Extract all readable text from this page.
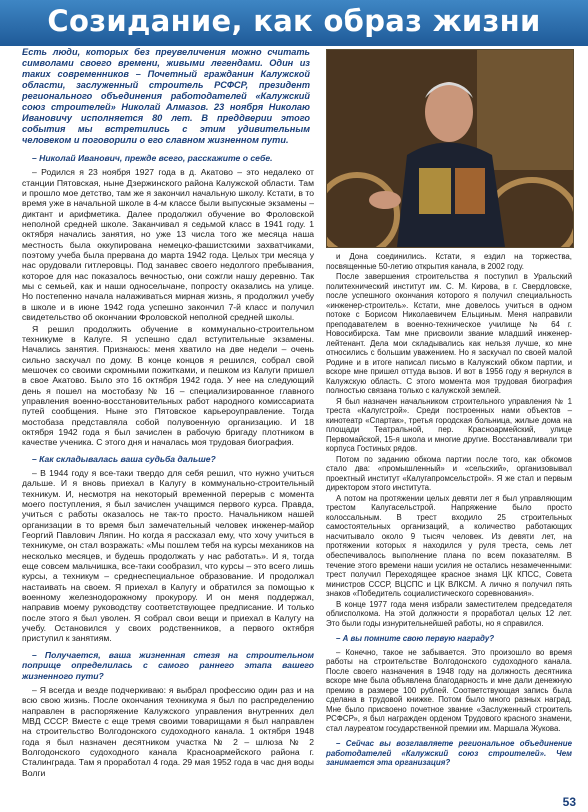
Созидание, как образ жизни

Есть люди, которых без преувеличения можно считать символами своего времени, живыми легендами. Один из таких современников – Почетный гражданин Калужской области, заслуженный строитель РСФСР, президент регионального объединения работодателей «Калужский союз строителей» Николай Алмазов. 23 ноября Николаю Ивановичу исполняется 80 лет. В преддверии этого события мы встретились с этим удивительным человеком и поговорили о его славном жизненном пути.

– Николай Иванович, прежде всего, расскажите о себе.

– Родился я 23 ноября 1927 года в д. Акатово – это недалеко от станции Пятовская, ныне Дзержинского района Калужской области. Там и прошло мое детство, там же я закончил начальную школу. Кстати, в то время уже в начальной школе в 4-м классе были выпускные экзамены – диктант и арифметика. Далее продолжил обучение во Фроловской неполной средней школе. Заканчивал я седьмой класс в 1941 году. 1 октября начались занятия, но уже 13 числа того же месяца наша местность была оккупирована немецко-фашистскими захватчиками, поэтому учеба была прервана до марта 1942 года. Целых три месяца у нас орудовали гитлеровцы. Под занавес своего недолгого пребывания, которое для нас показалось вечностью, они сожгли нашу деревню. Так мы с семьей, как и наши односельчане, попросту оказались на улице. Но постепенно начала налаживаться мирная жизнь, я продолжил учебу в школе и в июне 1942 года успешно закончил 7-й класс и получил свидетельство об окончании Фроловской неполной средней школы.

Я решил продолжить обучение в коммунально-строительном техникуме в Калуге. Я успешно сдал вступительные экзамены. Начались занятия. Признаюсь: меня хватило на две недели – очень сильно заскучал по дому. В конце концов я решился, собрал свой мешочек со своими скромными пожитками, и пешком из Калуги пришел в свое Акатово. Было это 16 октября 1942 года. У нее на следующий день я пошел на мостобазу № 16 – специализированное главного управления военно-восстановительных работ народного комиссариата путей сообщения. Ныне это Пятовское карьероуправление. Тогда мостобаза представляла собой полувоенную организацию. И 18 октября 1942 года я был зачислен в рабочую бригаду плотником в качестве ученика. С этого дня и началась моя трудовая биография.

– Как складывалась ваша судьба дальше?

– В 1944 году я все-таки твердо для себя решил, что нужно учиться дальше. И я вновь приехал в Калугу в коммунально-строительный техникум. И, несмотря на некоторый временной перерыв с момента моего поступления, я был зачислен учащимся первого курса. Правда, учиться с работы оказалось не так-то просто. Начальником нашей организации в то время был замечательный человек инженер-майор Георгий Павлович Ляпин. Но когда я рассказал ему, что хочу учиться в техникуме, он стал возражать: «Мы пошлем тебя на курсы механиков на несколько месяцев, и будешь продолжать у нас работать». И я, тогда еще совсем мальчишка, все-таки сообразил, что курсы – это всего лишь курсы, а техникум – среднеспециальное образование. И продолжал настаивать на своем. Я приехал в Калугу и обратился за помощью к военному железнодорожному прокурору. И он меня поддержал, направив моему руководству соответствующее предписание. И только после этого я был уволен. Я собрал свои вещи и приехал в Калугу на учебу. Остановился у своих родственников, а первого октября приступил к занятиям.

– Получается, ваша жизненная стезя на строительном поприще определилась с самого раннего этапа вашего жизненного пути?

– Я всегда и везде подчеркиваю: я выбрал профессию один раз и на всю свою жизнь. После окончания техникума я был по распределению направлен в распоряжение Калужского управления внутренних дел МВД СССР. Вместе с еще тремя своими товарищами я был направлен на строительство Волгодонского судоходного канала. 1 октября 1948 года я был назначен десятником участка № 2 – шлюза № 2 Волгодонского судоходного канала Красноармейского района г. Сталинграда. Там я проработал 4 года. 29 мая 1952 года в час дня воды Волги

и Дона соединились. Кстати, я ездил на торжества, посвященные 50-летию открытия канала, в 2002 году.

После завершения строительства я поступил в Уральский политехнический институт им. С. М. Кирова, в г. Свердловске, после успешного окончания которого я получил специальность «инженер-строитель». Кстати, мне довелось учиться в одном потоке с Борисом Николаевичем Ельциным. Меня направили преподавателем в военно-техническое училище № 64 г. Новосибирска. Там мне присвоили звание младший инженер-лейтенант. Дела мои складывались как нельзя лучше, ко мне относились с большим уважением. Но я заскучал по своей малой Родине и в итоге написал письмо в Калужский обком партии, и вскоре мне пришел оттуда вызов. И вот в 1956 году я вернулся в Калужскую область. С этого момента моя трудовая биография полностью связана только с калужской землей.

Я был назначен начальником строительного управления № 1 треста «Калугстрой». Среди построенных нами объектов – кинотеатр «Спартак», третья городская больница, жилые дома на площади Театральной, пер. Красноармейский, улице Первомайской, 15-я школа и многие другие. Восстанавливали три корпуса Гостиных рядов.

Потом по заданию обкома партии после того, как обкомов стало два: «промышленный» и «сельский», организовывал проектный институт «Калугапромсельстрой». Я же стал и первым директором этого института.

А потом на протяжении целых девяти лет я был управляющим трестом Калугасельстрой. Напряжение было просто колоссальным. В трест входило 25 строительных самостоятельных организаций, а количество работающих насчитывало около 9 тысяч человек. Из девяти лет, на протяжении которых я находился у руля треста, семь лет обеспечивалось выполнение плана по всем показателям. В течение этого времени наши усилия не остались незамеченными: трест получил Переходящее красное знамя ЦК КПСС, Совета министров СССР, ВЦСПС и ЦК ВЛКСМ. А лично я получил пять знаков «Победитель социалистического соревнования».

В конце 1977 года меня избрали заместителем председателя облисполкома. На этой должности я проработал целых 12 лет. Это были годы изнурительнейшей работы, но я справился.

– А вы помните свою первую награду?

– Конечно, такое не забывается. Это произошло во время работы на строительстве Волгодонского судоходного канала. После своего назначения в 1948 году на должность десятника вскоре мне была объявлена благодарность и мне дали денежную премию в размере 100 рублей. Соответствующая запись была сделана в трудовой книжке. Потом было много разных наград. Мне было присвоено почетное звание «Заслуженный строитель РСФСР», я был награжден орденом Трудового красного знамени, стал лауреатом государственной премии им. Маршала Жукова.

– Сейчас вы возглавляете региональное объединение работодателей «Калужский союз строителей». Чем занимается эта организация?

53
